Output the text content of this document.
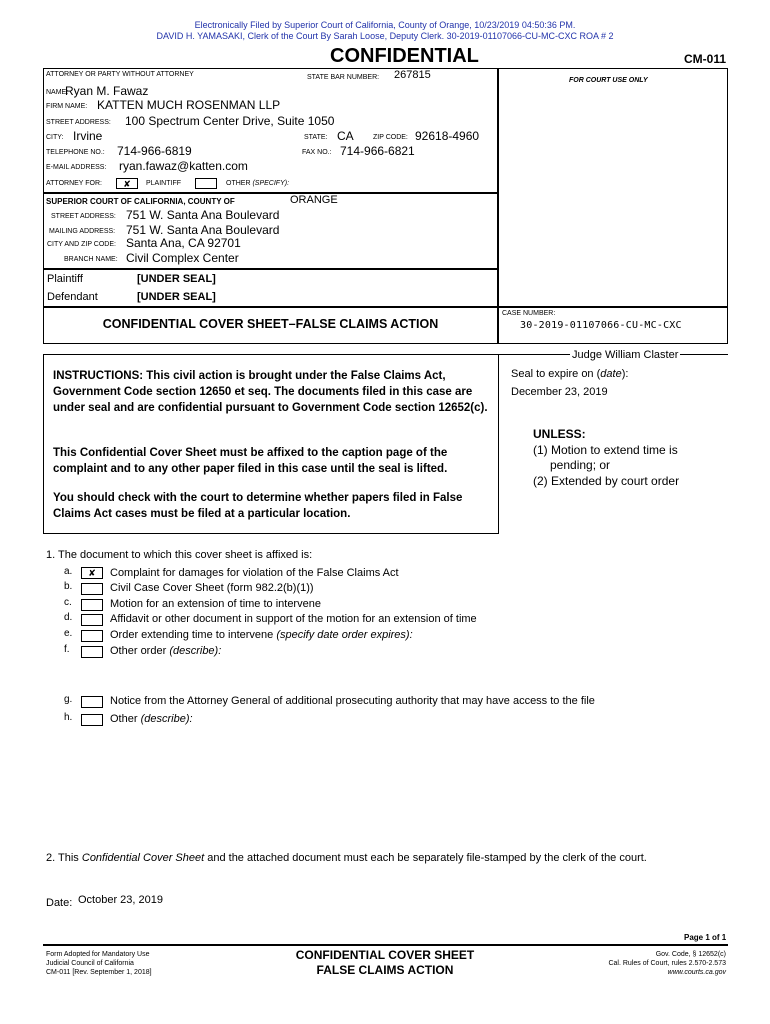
Electronically Filed by Superior Court of California, County of Orange, 10/23/2019 04:50:36 PM.
DAVID H. YAMASAKI, Clerk of the Court By Sarah Loose, Deputy Clerk. 30-2019-01107066-CU-MC-CXC ROA # 2
CONFIDENTIAL	CM-011
ATTORNEY OR PARTY WITHOUT ATTORNEY	STATE BAR NUMBER: 267815
NAME:
Ryan M. Fawaz
FIRM NAME: KATTEN MUCH ROSENMAN LLP
STREET ADDRESS: 100 Spectrum Center Drive, Suite 1050
CITY: Irvine	STATE: CA	ZIP CODE: 92618-4960
TELEPHONE NO.: 714-966-6819	FAX NO.: 714-966-6821
E-MAIL ADDRESS: ryan.fawaz@katten.com
ATTORNEY FOR:	✘	PLAINTIFF	OTHER (SPECIFY):
FOR COURT USE ONLY
SUPERIOR COURT OF CALIFORNIA, COUNTY OF	ORANGE
STREET ADDRESS: 751 W. Santa Ana Boulevard
MAILING ADDRESS: 751 W. Santa Ana Boulevard
CITY AND ZIP CODE: Santa Ana, CA 92701
BRANCH NAME: Civil Complex Center
Plaintiff	[UNDER SEAL]
Defendant	[UNDER SEAL]
CONFIDENTIAL COVER SHEET–FALSE CLAIMS ACTION
CASE NUMBER:
30-2019-01107066-CU-MC-CXC
INSTRUCTIONS: This civil action is brought under the False Claims Act, Government Code section 12650 et seq. The documents filed in this case are under seal and are confidential pursuant to Government Code section 12652(c).
This Confidential Cover Sheet must be affixed to the caption page of the complaint and to any other paper filed in this case until the seal is lifted.
You should check with the court to determine whether papers filed in False Claims Act cases must be filed at a particular location.
Judge William Claster
Seal to expire on (date):
December 23, 2019
UNLESS:
(1) Motion to extend time is
pending; or
(2) Extended by court order
1. The document to which this cover sheet is affixed is:
a.	✘	Complaint for damages for violation of the False Claims Act
b.	Civil Case Cover Sheet (form 982.2(b)(1))
c.	Motion for an extension of time to intervene
d.	Affidavit or other document in support of the motion for an extension of time
e.	Order extending time to intervene (specify date order expires):
f.	Other order (describe):
g.	Notice from the Attorney General of additional prosecuting authority that may have access to the file
h.	Other (describe):
2. This Confidential Cover Sheet and the attached document must each be separately file-stamped by the clerk of the court.
Date: October 23, 2019
Page 1 of 1
Form Adopted for Mandatory Use
Judicial Council of California
CM-011 [Rev. September 1, 2018]
CONFIDENTIAL COVER SHEET
FALSE CLAIMS ACTION
Gov. Code, § 12652(c)
Cal. Rules of Court, rules 2.570-2.573
www.courts.ca.gov
